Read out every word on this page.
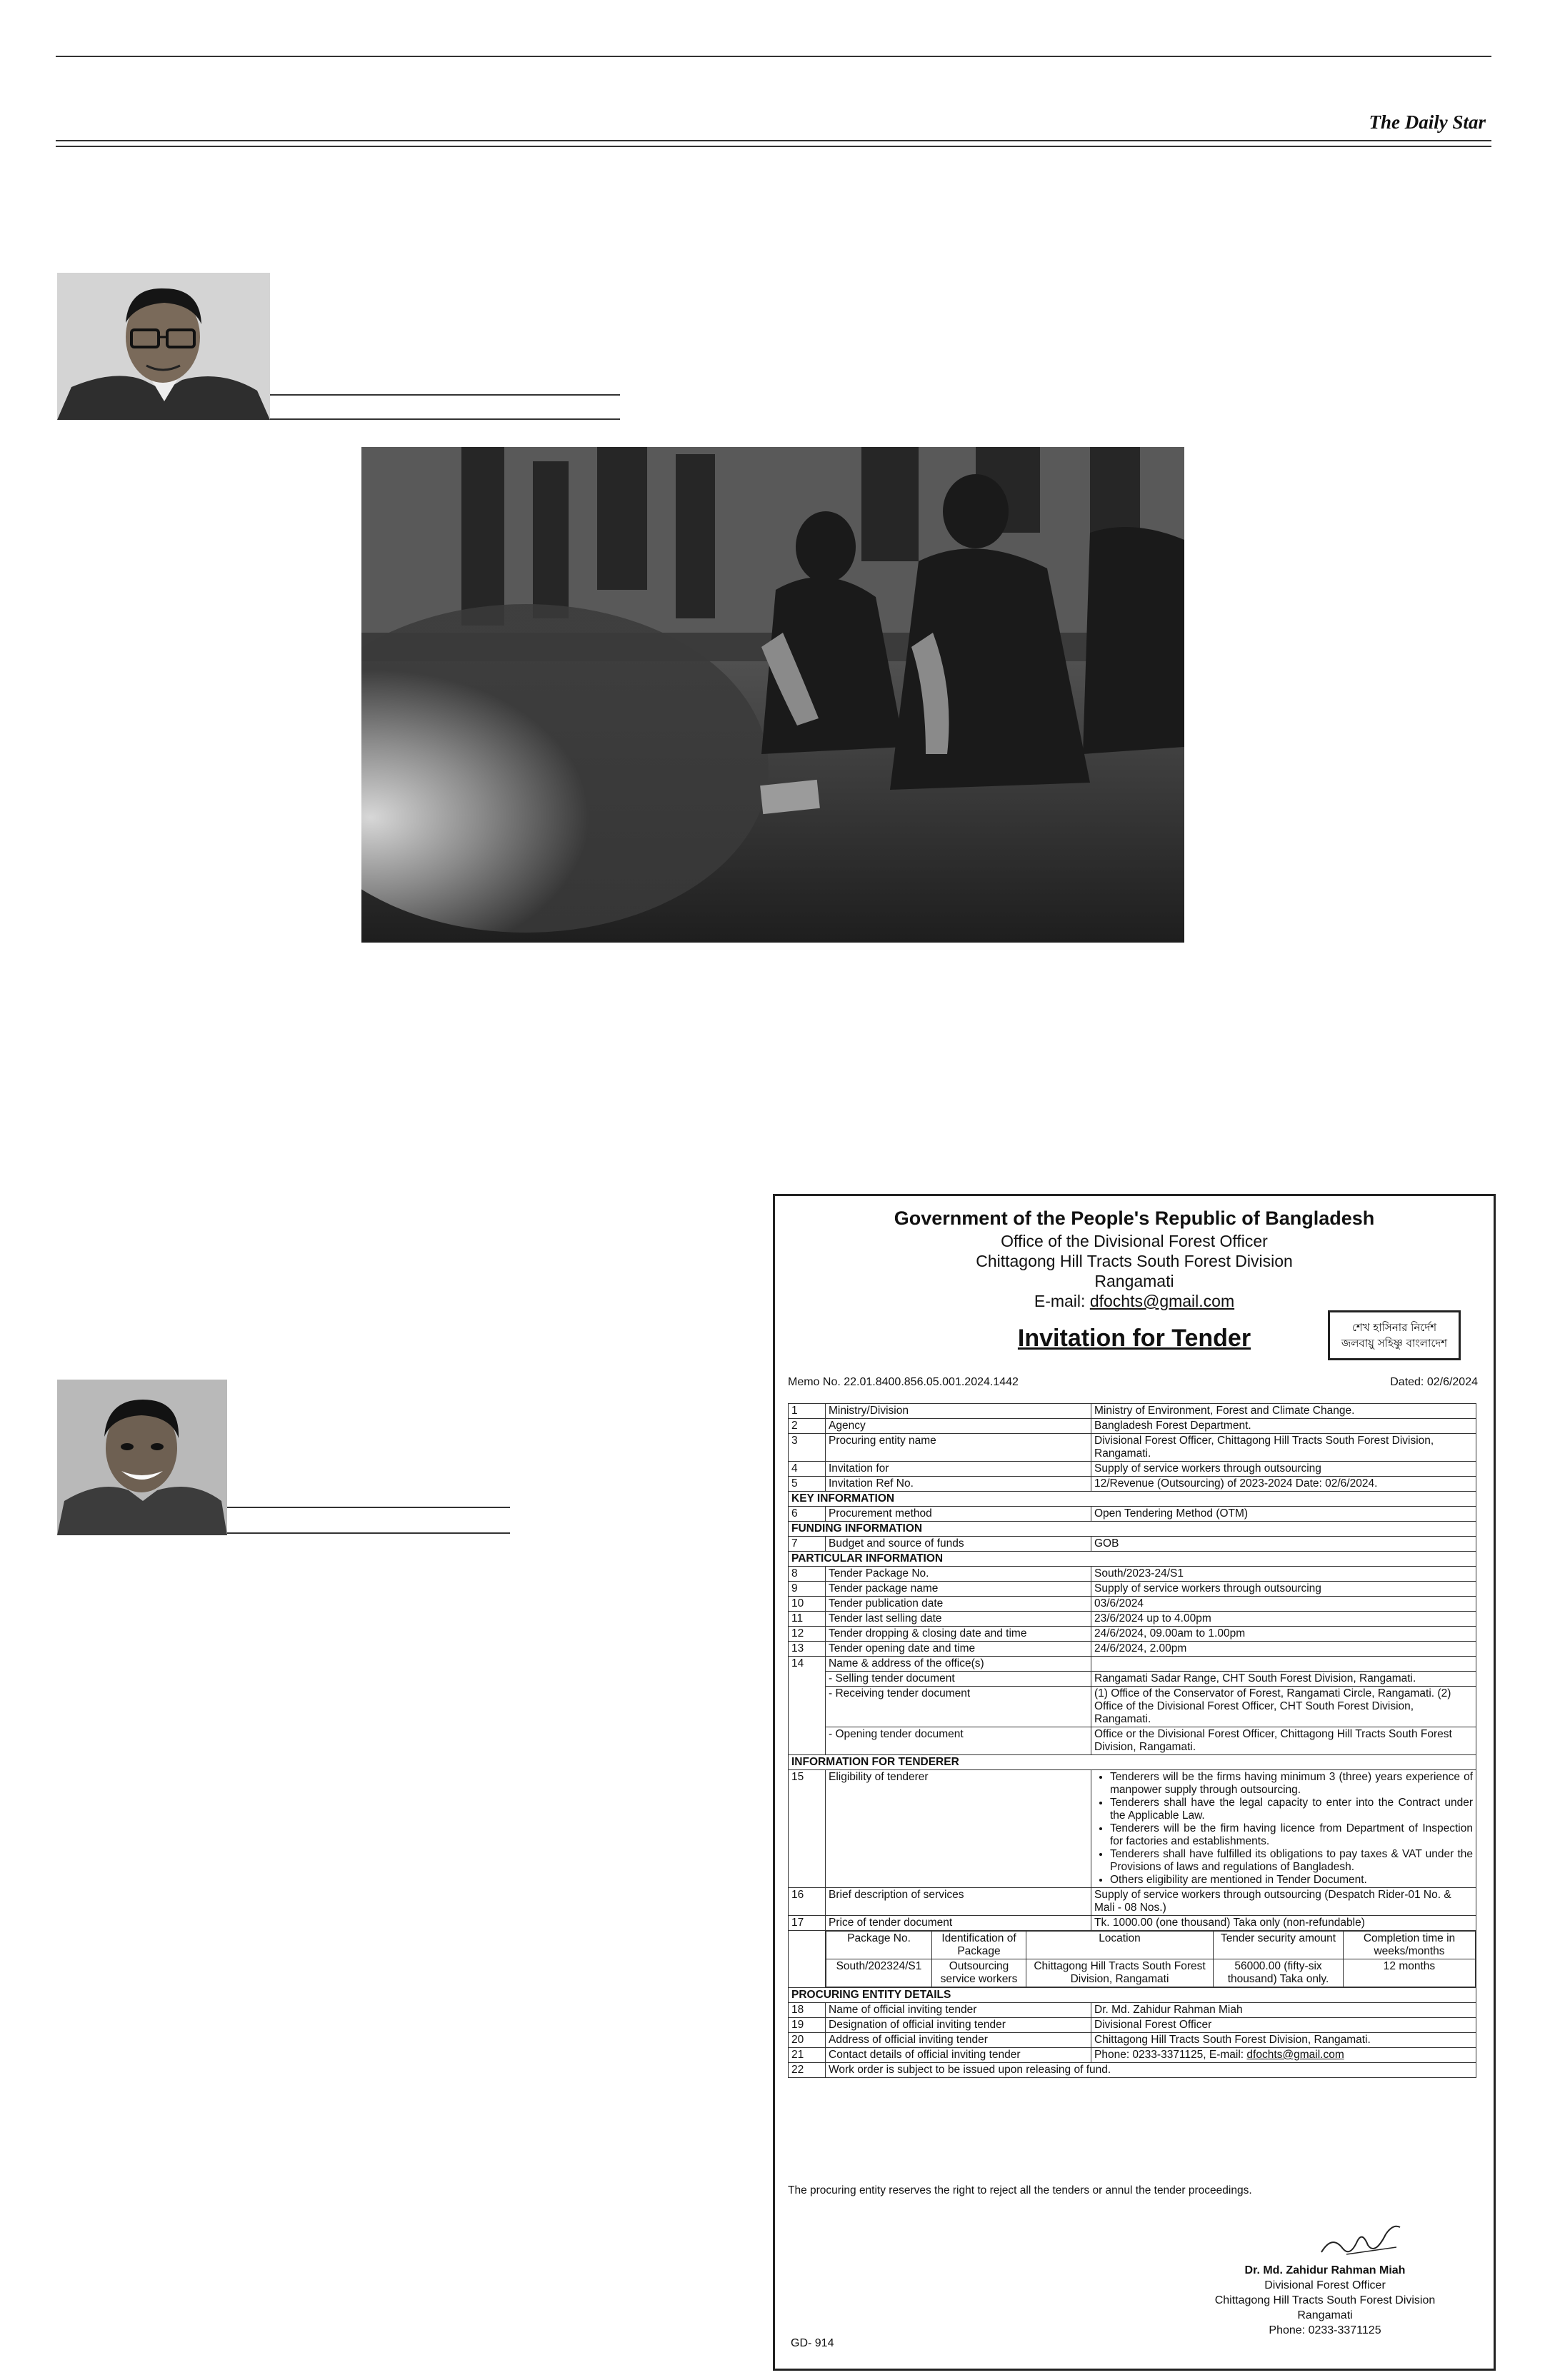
The Daily Star
Government of the People's Republic of Bangladesh
Office of the Divisional Forest Officer
Chittagong Hill Tracts South Forest Division
Rangamati
E-mail: dfochts@gmail.com
শেখ হাসিনার নির্দেশ
জলবায়ু সহিষ্ণু বাংলাদেশ
Invitation for Tender
Memo No. 22.01.8400.856.05.001.2024.1442	Dated: 02/6/2024
1	Ministry/Division	Ministry of Environment, Forest and Climate Change.
2	Agency	Bangladesh Forest Department.
3	Procuring entity name	Divisional Forest Officer, Chittagong Hill Tracts South Forest Division, Rangamati.
4	Invitation for	Supply of service workers through outsourcing
5	Invitation Ref No.	12/Revenue (Outsourcing) of 2023-2024 Date: 02/6/2024.
KEY INFORMATION
6	Procurement method	Open Tendering Method (OTM)
FUNDING INFORMATION
7	Budget and source of funds	GOB
PARTICULAR INFORMATION
8	Tender Package No.	South/2023-24/S1
9	Tender package name	Supply of service workers through outsourcing
10	Tender publication date	03/6/2024
11	Tender last selling date	23/6/2024 up to 4.00pm
12	Tender dropping & closing date and time	24/6/2024, 09.00am to 1.00pm
13	Tender opening date and time	24/6/2024, 2.00pm
14	Name & address of the office(s)	
- Selling tender document	Rangamati Sadar Range, CHT South Forest Division, Rangamati.
- Receiving tender document	(1) Office of the Conservator of Forest, Rangamati Circle, Rangamati. (2) Office of the Divisional Forest Officer, CHT South Forest Division, Rangamati.
- Opening tender document	Office or the Divisional Forest Officer, Chittagong Hill Tracts South Forest Division, Rangamati.
INFORMATION FOR TENDERER
15	Eligibility of tenderer	
•Tenderers will be the firms having minimum 3 (three) years experience of manpower supply through outsourcing.
• Tenderers shall have the legal capacity to enter into the Contract under the Applicable Law.
• Tenderers will be the firm having licence from Department of Inspection for factories and establishments.
• Tenderers shall have fulfilled its obligations to pay taxes & VAT under the Provisions of laws and regulations of Bangladesh.
• Others eligibility are mentioned in Tender Document.

16	Brief description of services	Supply of service workers through outsourcing (Despatch Rider-01 No. & Mali - 08 Nos.)
17	Price of tender document	Tk. 1000.00 (one thousand) Taka only (non-refundable)

Package No.	Identification of Package	Location	Tender security amount	Completion time in weeks/months
South/202324/S1	Outsourcing service workers	Chittagong Hill Tracts South Forest Division, Rangamati	56000.00 (fifty-six thousand) Taka only.	12 months

PROCURING ENTITY DETAILS
18	Name of official inviting tender	Dr. Md. Zahidur Rahman Miah
19	Designation of official inviting tender	Divisional Forest Officer
20	Address of official inviting tender	Chittagong Hill Tracts South Forest Division, Rangamati.
21	Contact details of official inviting tender	Phone: 0233-3371125, E-mail: dfochts@gmail.com
22	Work order is subject to be issued upon releasing of fund.
The procuring entity reserves the right to reject all the tenders or annul the tender proceedings.
Dr. Md. Zahidur Rahman Miah
Divisional Forest Officer
Chittagong Hill Tracts South Forest Division
Rangamati
Phone: 0233-3371125
GD- 914
